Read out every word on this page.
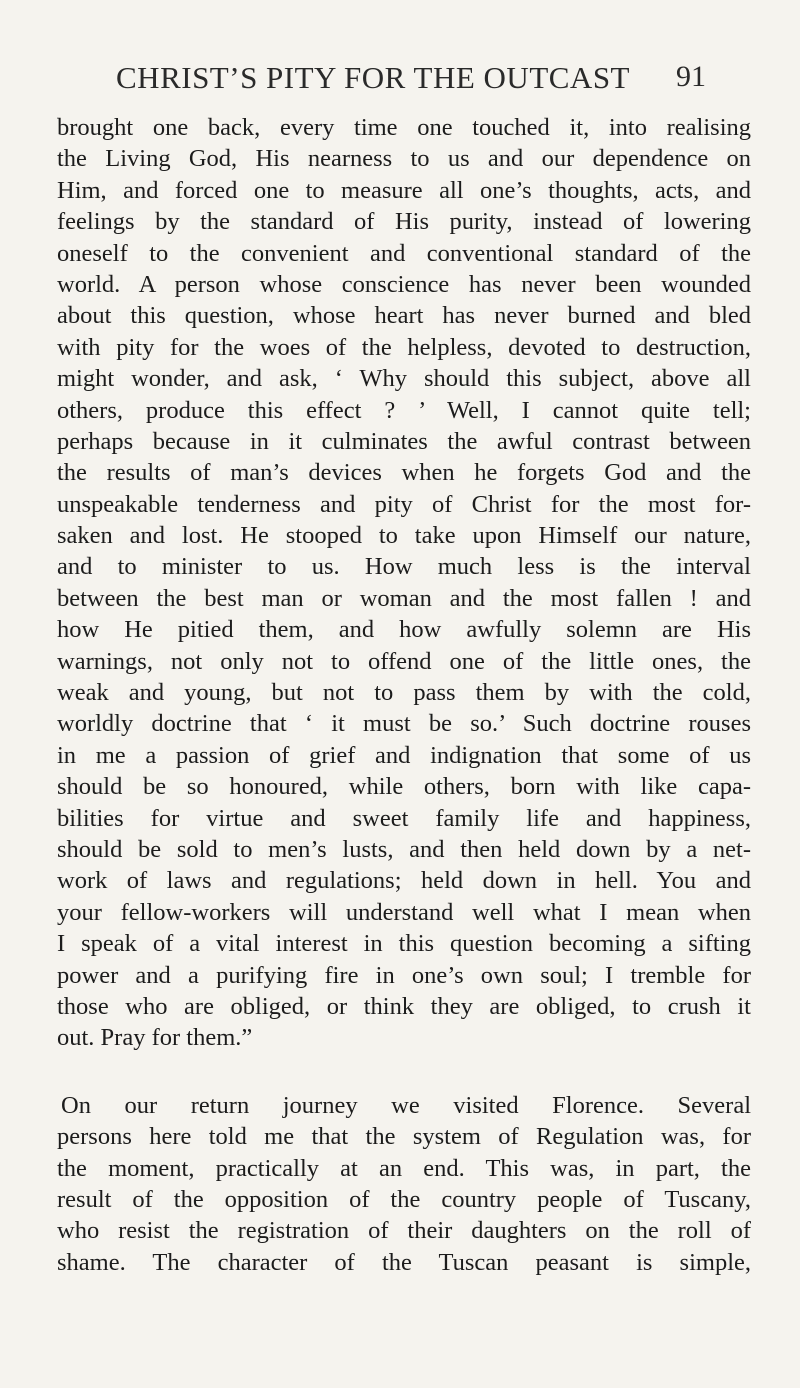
CHRIST’S PITY FOR THE OUTCAST 91
brought one back, every time one touched it, into realising
the Living God, His nearness to us and our dependence on
Him, and forced one to measure all one’s thoughts, acts, and
feelings by the standard of His purity, instead of lowering
oneself to the convenient and conventional standard of the
world. A person whose conscience has never been wounded
about this question, whose heart has never burned and bled
with pity for the woes of the helpless, devoted to destruction,
might wonder, and ask, ‘ Why should this subject, above all
others, produce this effect ? ’ Well, I cannot quite tell;
perhaps because in it culminates the awful contrast between
the results of man’s devices when he forgets God and the
unspeakable tenderness and pity of Christ for the most for-
saken and lost. He stooped to take upon Himself our nature,
and to minister to us. How much less is the interval
between the best man or woman and the most fallen ! and
how He pitied them, and how awfully solemn are His
warnings, not only not to offend one of the little ones, the
weak and young, but not to pass them by with the cold,
worldly doctrine that ‘ it must be so.’ Such doctrine rouses
in me a passion of grief and indignation that some of us
should be so honoured, while others, born with like capa-
bilities for virtue and sweet family life and happiness,
should be sold to men’s lusts, and then held down by a net-
work of laws and regulations; held down in hell. You and
your fellow-workers will understand well what I mean when
I speak of a vital interest in this question becoming a sifting
power and a purifying fire in one’s own soul; I tremble for
those who are obliged, or think they are obliged, to crush it
out. Pray for them.”
On our return journey we visited Florence. Several
persons here told me that the system of Regulation was, for
the moment, practically at an end. This was, in part, the
result of the opposition of the country people of Tuscany,
who resist the registration of their daughters on the roll of
shame. The character of the Tuscan peasant is simple,
